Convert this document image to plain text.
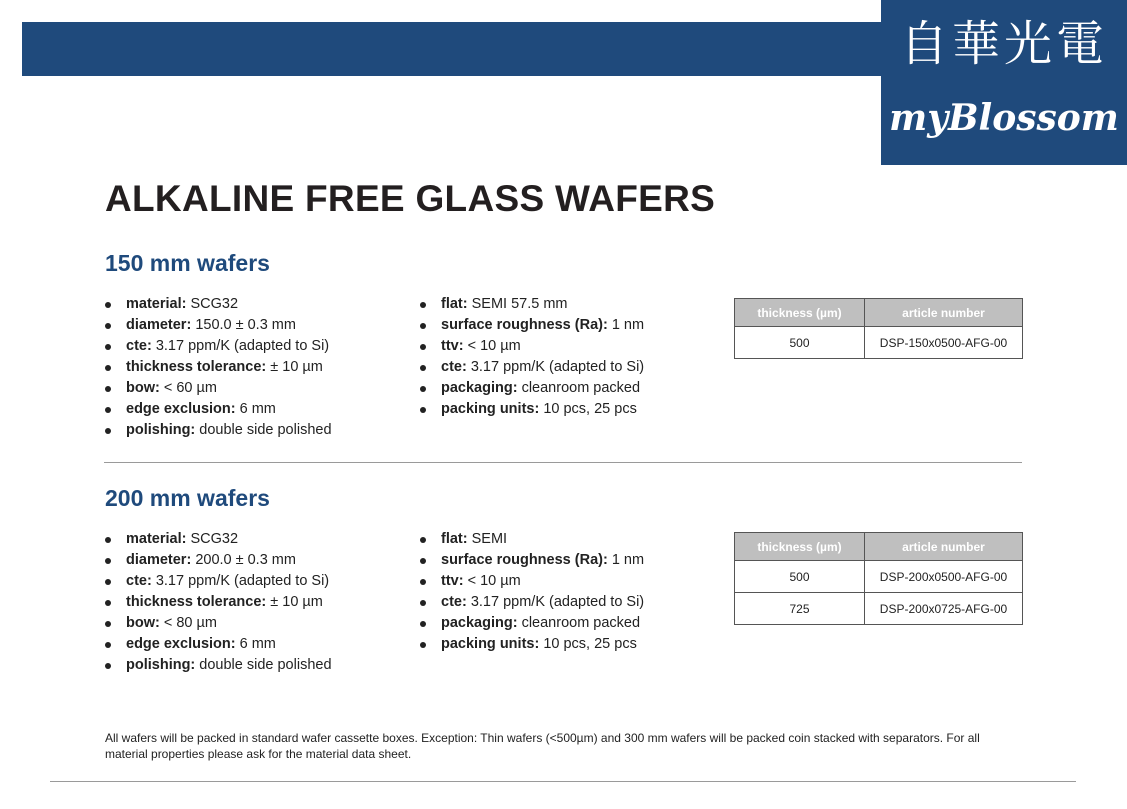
自華光電
myBlossom
ALKALINE FREE GLASS WAFERS
150 mm wafers
material: SCG32
diameter: 150.0 ± 0.3 mm
cte: 3.17 ppm/K (adapted to Si)
thickness tolerance: ± 10 µm
bow: < 60 µm
edge exclusion: 6 mm
polishing: double side polished
flat: SEMI 57.5 mm
surface roughness (Ra): 1 nm
ttv: < 10 µm
cte: 3.17 ppm/K (adapted to Si)
packaging: cleanroom packed
packing units: 10 pcs, 25 pcs
thickness (µm)	article number
500	DSP-150x0500-AFG-00
200 mm wafers
material: SCG32
diameter: 200.0 ± 0.3 mm
cte: 3.17 ppm/K (adapted to Si)
thickness tolerance: ± 10 µm
bow: < 80 µm
edge exclusion: 6 mm
polishing: double side polished
flat: SEMI
surface roughness (Ra): 1 nm
ttv: < 10 µm
cte: 3.17 ppm/K (adapted to Si)
packaging: cleanroom packed
packing units: 10 pcs, 25 pcs
thickness (µm)	article number
500	DSP-200x0500-AFG-00
725	DSP-200x0725-AFG-00

All wafers will be packed in standard wafer cassette boxes. Exception: Thin wafers (<500µm) and 300 mm wafers will be packed coin stacked with separators. For all material properties please ask for the material data sheet.
